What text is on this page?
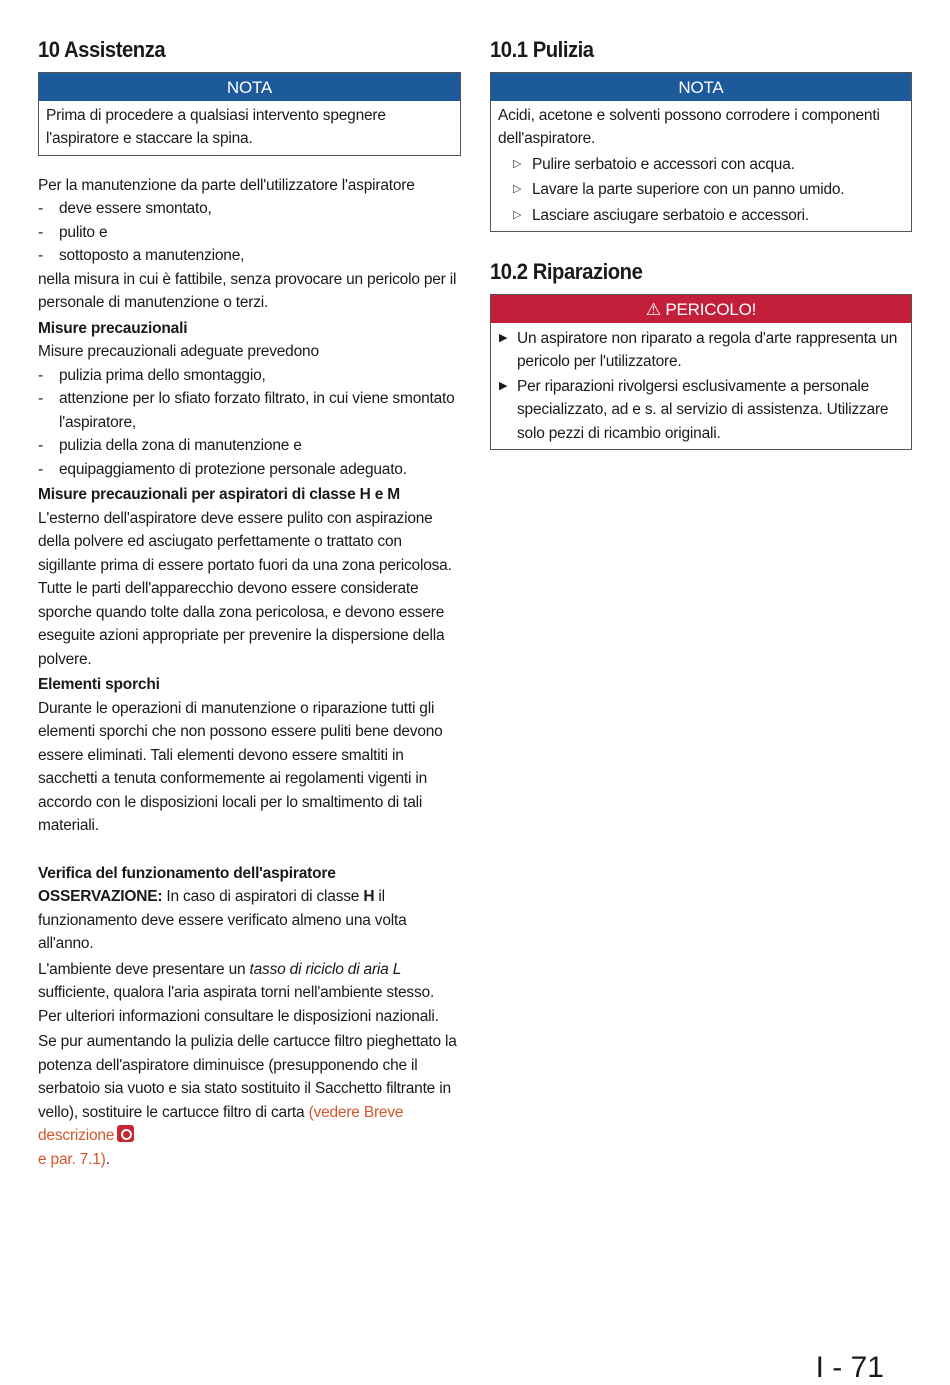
10 Assistenza
NOTA

Prima di procedere a qualsiasi intervento spegnere l'aspiratore e staccare la spina.

Per la manutenzione da parte dell'utilizzatore l'aspiratore

- deve essere smontato,
- pulito e
- sottoposto a manutenzione,

nella misura in cui è fattibile, senza provocare un pericolo per il personale di manutenzione o terzi.

Misure precauzionali

Misure precauzionali adeguate prevedono

- pulizia prima dello smontaggio,
- attenzione per lo sfiato forzato filtrato, in cui viene smontato l'aspiratore,
- pulizia della zona di manutenzione e
- equipaggiamento di protezione personale adeguato.

Misure precauzionali per aspiratori di classe H e M

L'esterno dell'aspiratore deve essere pulito con aspirazione della polvere ed asciugato perfettamente o trattato con sigillante prima di essere portato fuori da una zona pericolosa. Tutte le parti dell'apparecchio devono essere considerate sporche quando tolte dalla zona pericolosa, e devono essere eseguite azioni appropriate per prevenire la dispersione della polvere.

Elementi sporchi

Durante le operazioni di manutenzione o riparazione tutti gli elementi sporchi che non possono essere puliti bene devono essere eliminati. Tali elementi devono essere smaltiti in sacchetti a tenuta conformemente ai regolamenti vigenti in accordo con le disposizioni locali per lo smaltimento di tali materiali.

Verifica del funzionamento dell'aspiratore

OSSERVAZIONE: In caso di aspiratori di classe H il funzionamento deve essere verificato almeno una volta all'anno.

L'ambiente deve presentare un tasso di riciclo di aria L sufficiente, qualora l'aria aspirata torni nell'ambiente stesso. Per ulteriori informazioni consultare le disposizioni nazionali.

Se pur aumentando la pulizia delle cartucce filtro pieghettato la potenza dell'aspiratore diminuisce (presupponendo che il serbatoio sia vuoto e sia stato sostituito il Sacchetto filtrante in vello), sostituire le cartucce filtro di carta (vedere Breve descrizione
e par. 7.1).

10.1 Pulizia
NOTA

Acidi, acetone e solventi possono corrodere i componenti dell'aspiratore.

▷ Pulire serbatoio e accessori con acqua.
▷ Lavare la parte superiore con un panno umido.
▷ Lasciare asciugare serbatoio e accessori.
10.2 Riparazione
⚠ PERICOLO!
▶ Un aspiratore non riparato a regola d'arte rappresenta un pericolo per l'utilizzatore.
▶ Per riparazioni rivolgersi esclusivamente a personale specializzato, ad e s. al servizio di assistenza. Utilizzare solo pezzi di ricambio originali.
I - 71
